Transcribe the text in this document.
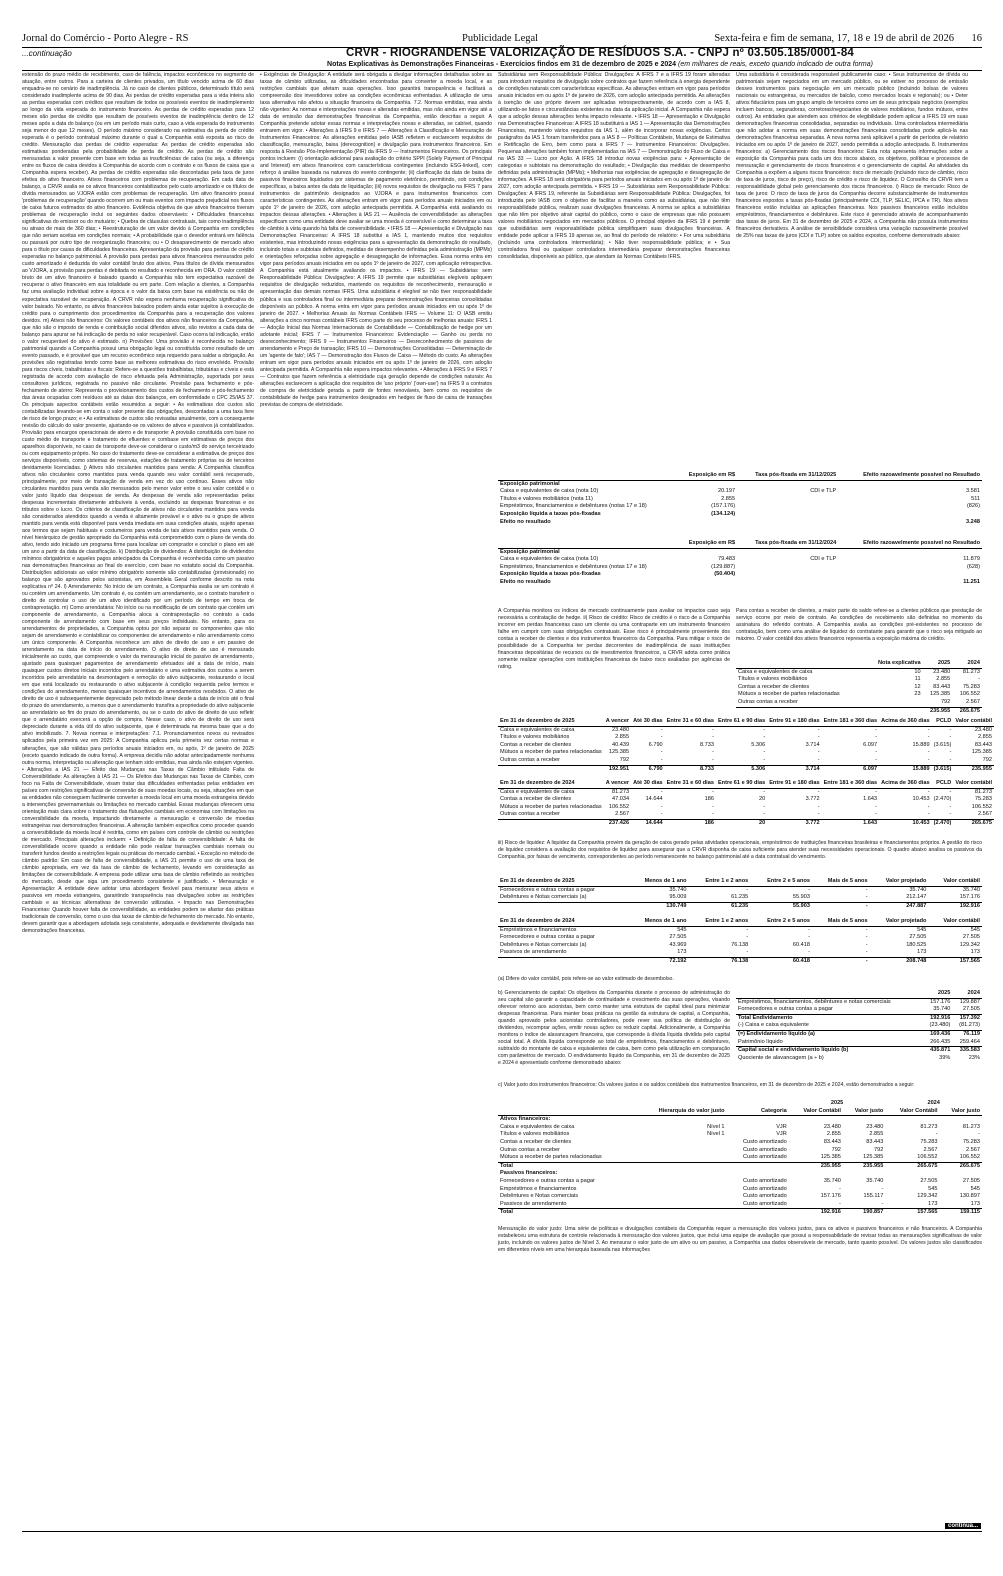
Jornal do Comércio - Porto Alegre - RS	Publicidade Legal	Sexta-feira e fim de semana, 17, 18 e 19 de abril de 2026 16
...continuação	CRVR - RIOGRANDENSE VALORIZAÇÃO DE RESÍDUOS S.A. - CNPJ nº 03.505.185/0001-84
Notas Explicativas às Demonstrações Financeiras - Exercícios findos em 31 de dezembro de 2025 e 2024 (em milhares de reais, exceto quando indicado de outra forma)

extensão do prazo médio de recebimento, caso de falência, impactos econômicos no segmento de atuação, entre outros. Para a carteira de clientes privados, um título vencido acima de 60 dias enquadra-se no cenário de inadimplência. Já no caso de clientes públicos, determinado título será considerado inadimplente acima de 90 dias. As perdas de crédito esperadas para a vida inteira são as perdas esperadas com créditos que resultam de todos os possíveis eventos de inadimplemento ao longo da vida esperada do instrumento financeiro. As perdas de crédito esperadas para 12 meses são perdas de crédito que resultam de possíveis eventos de inadimplência dentro de 12 meses após a data do balanço (ou em um período mais curto, caso a vida esperada do instrumento seja menor do que 12 meses). O período máximo considerado na estimativa da perda de crédito esperada é o período contratual máximo durante o qual a Companhia está exposta ao risco de crédito. Mensuração das perdas de crédito esperadas: As perdas de crédito esperadas são estimativas ponderadas pela probabilidade de perda de crédito. As perdas de crédito são mensuradas a valor presente com base em todas as insuficiências de caixa (ou seja, a diferença entre os fluxos de caixa devidos à Companhia de acordo com o contrato e os fluxos de caixa que a Companhia espera receber). As perdas de crédito esperadas são descontadas pela taxa de juros efetiva do ativo financeiro. Ativos financeiros com problemas de recuperação. Em cada data de balanço, a CRVR avalia se os ativos financeiros contabilizados pelo custo amortizado e os títulos de dívida mensurados ao VJORA estão com problemas de recuperação. Um ativo financeiro possui 'problemas de recuperação' quando ocorrem um ou mais eventos com impacto prejudicial nos fluxos de caixa futuros estimados do ativo financeiro. Evidência objetiva de que ativos financeiros tiveram problemas de recuperação inclui os seguintes dados observáveis: • Dificuldades financeiras significativas do emissor ou do mutuário; • Quebra de cláusulas contratuais, tais como inadimplência ou atraso de mais de 360 dias; • Reestruturação de um valor devido à Companhia em condições que não seriam aceitas em condições normais; • A probabilidade que o devedor entrará em falência ou passará por outro tipo de reorganização financeira; ou • O desaparecimento de mercado ativo para o título por causa de dificuldades financeiras. Apresentação da provisão para perdas de crédito esperadas no balanço patrimonial. A provisão para perdas para ativos financeiros mensurados pelo custo amortizado é deduzida do valor contábil bruto dos ativos. Para títulos de dívida mensurados ao VJORA, a provisão para perdas é debitada no resultado e reconhecida em ORA. O valor contábil bruto de um ativo financeiro é baixado quando a Companhia não tem expectativa razoável de recuperar o ativo financeiro em sua totalidade ou em parte. Com relação a clientes, a Companhia faz uma avaliação individual sobre a época e o valor da baixa com base na existência ou não de expectativa razoável de recuperação. A CRVR não espera nenhuma recuperação significativa do valor baixado. No entanto, os ativos financeiros baixados podem ainda estar sujeitos à execução de crédito para o cumprimento dos procedimentos da Companhia para a recuperação dos valores devidos. m) Ativos não financeiros: Os valores contábeis dos ativos não financeiros da Companhia, que não são o imposto de renda e contribuição social diferidos ativos, são revistos a cada data de balanço para apurar se há indicação de perda no valor recuperável. Caso ocorra tal indicação, então o valor recuperável do ativo é estimado. n) Provisões: Uma provisão é reconhecida no balanço patrimonial quando a Companhia possui uma obrigação legal ou constituída como resultado de um evento passado, e é provável que um recurso econômico seja requerido para saldar a obrigação. As provisões são registradas tendo como base as melhores estimativas do risco envolvido. Provisão para riscos cíveis, trabalhistas e fiscais: Refere-se a questões trabalhistas, tributárias e cíveis e está registrada de acordo com avaliação de risco efetuada pela Administração, suportada por seus consultores jurídicos, registrada no passivo não circulante. Provisão para fechamento e pós-fechamento de aterro: Representa o provisionamento dos custos de fechamento e pós-fechamento das áreas ocupadas com resíduos até as datas dos balanços, em conformidade o CPC 25/IAS 37. Os principais aspectos contábeis estão resumidos a seguir: • As estimativas dos custos são contabilizadas levando-se em conta o valor presente das obrigações, descontadas a uma taxa livre de risco de longo prazo; e • As estimativas de custos são revisadas anualmente, com a consequente revisão do cálculo do valor presente, ajustando-se os valores de ativos e passivos já contabilizados. Provisão para encargos operacionais de aterro e de transporte: A provisão constituída com base no custo médio de transporte e tratamento de efluentes e combase em estimativas de preços dos aparelhos disponíveis, no caso de transporte deve-se considerar o custo/m3 do serviço terceirizado ou com equipamento próprio. No caso do tratamento deve-se considerar a estimativa de preços dos serviços disponíveis, como sistemas de reservas, estações de tratamento próprias ou de terceiros devidamente licenciadas. j) Ativos não circulantes mantidos para venda: A Companhia classifica ativos não circulantes como mantidos para venda quando seu valor contábil será recuperado, principalmente, por meio de transação de venda em vez do uso contínuo. Esses ativos não circulantes mantidos para venda são mensurados pelo menor valor entre o seu valor contábil e o valor justo líquido das despesas de venda. As despesas de venda são representadas pelas despesas incrementais diretamente atribuíveis à venda, excluindo as despesas financeiras e os tributos sobre o lucro. Os critérios de classificação de ativos não circulantes mantidos para venda são considerados atendidos quando a venda é altamente provável e o ativo ou o grupo de ativos mantido para venda está disponível para venda imediata em suas condições atuais, sujeito apenas aos termos que sejam habituais e costumeiros para venda de tais ativos mantidos para venda. O nível hierárquico de gestão apropriado da Companhia está comprometido com o plano de venda do ativo, tendo sido iniciado um programa firme para localizar um comprador e concluir o plano em até um ano a partir da data de classificação. k) Distribuição de dividendos: A distribuição de dividendos mínimos obrigatórios e aqueles pagos antecipados da Companhia é reconhecida como um passivo nas demonstrações financeiras ao final do exercício, com base no estatuto social da Companhia. Distribuições adicionais ao valor mínimo obrigatório somente são contabilizadas (provisionado) no balanço que são aprovados pelos acionistas, em Assembleia Geral conforme descrito na nota explicativa nº 24. l) Arrendamento: No início de um contrato, a Companhia avalia se um contrato é ou contém um arrendamento. Um contrato é, ou contém um arrendamento, se o contrato transferir o direito de controlar o uso de um ativo identificado por um período de tempo em troca de contraprestação. m) Como arrendatária: No início ou na modificação de um contrato que contém um componente de arrendamento, a Companhia aloca a contraprestação no contrato a cada componente de arrendamento com base em seus preços individuais. No entanto, para os arrendamentos de propriedades, a Companhia optou por não separar os componentes que não sejam de arrendamento e contabilizar os componentes de arrendamento e não arrendamento como um único componente. A Companhia reconhece um ativo de direito de uso e um passivo de arrendamento na data de início do arrendamento. O ativo de direito de uso é mensurado inicialmente ao custo, que compreende o valor da mensuração inicial do passivo de arrendamento, ajustado para quaisquer pagamentos de arrendamento efetuados até a data de início, mais quaisquer custos diretos iniciais incorridos pelo arrendatário e uma estimativa dos custos a serem incorridos pelo arrendatário na desmontagem e remoção do ativo subjacente, restaurando o local em que está localizado ou restaurando o ativo subjacente à condição requerida pelos termos e condições do arrendamento, menos quaisquer incentivos de arrendamentos recebidos. O ativo de direito de uso é subsequentemente depreciado pelo método linear desde a data de início até o final do prazo do arrendamento, a menos que o arrendamento transfira a propriedade do ativo subjacente ao arrendatário ao fim do prazo do arrendamento, ou se o custo do ativo de direito de uso refletir que o arrendatário exercerá a opção de compra. Nesse caso, o ativo de direito de uso será depreciado durante a vida útil do ativo subjacente, que é determinada na mesma base que a do ativo imobilizado. 7. Novas normas e interpretações: 7.1. Pronunciamentos novos ou revisados aplicados pela primeira vez em 2025: A Companhia aplicou pela primeira vez certas normas e alterações, que são válidas para períodos anuais iniciados em, ou após, 1º de janeiro de 2025 (exceto quando indicado de outra forma). A empresa decidiu não adotar antecipadamente nenhuma outra norma, interpretação ou alteração que tenham sido emitidas, mas ainda não estejam vigentes. • Alterações a IAS 21 — Efeito das Mudanças nas Taxas de Câmbio intitulado Falta de Conversibilidade: As alterações à IAS 21 — Os Efeitos das Mudanças nas Taxas de Câmbio, com foco na Falta de Conversibilidade, visam tratar das dificuldades enfrentadas pelas entidades em países com restrições significativas de conversão de suas moedas locais, ou seja, situações em que as entidades não conseguem facilmente converter a moeda local em uma moeda estrangeira devido a intervenções governamentais ou limitações no mercado cambial. Essas mudanças oferecem uma orientação mais clara sobre o tratamento das flutuações cambiais em economias com limitações na conversibilidade da moeda, impactando diretamente a mensuração e conversão de moedas estrangeiras nas demonstrações financeiras. A alteração também especifica como proceder quando a conversibilidade da moeda local é restrita, como em países com controle de câmbio ou restrições de mercado. Principais alterações incluem: • Definição de falta de conversibilidade: A falta de conversibilidade ocorre quando a entidade não pode realizar transações cambiais normais ou transferir fundos devido a restrições legais ou práticas do mercado cambial. • Exceção no método de câmbio padrão: Em caso de falta de conversibilidade, a IAS 21 permite o uso de uma taxa de câmbio apropriada, em vez da taxa de câmbio de fechamento, levando em consideração as limitações de conversibilidade. A empresa pode utilizar uma taxa de câmbio refletindo as restrições do mercado, desde que siga um procedimento consistente e justificado. • Mensuração e Apresentação: A entidade deve adotar uma abordagem flexível para mensurar seus ativos e passivos em moeda estrangeira, garantindo transparência nas divulgações sobre as restrições cambiais e as técnicas alternativas de conversão utilizadas. • Impacto nas Demonstrações Financeiras: Quando houver falta de conversibilidade, as entidades podem se afastar das práticas tradicionais de conversão, como o uso das taxas de câmbio de fechamento do mercado. No entanto, devem garantir que a abordagem adotada seja consistente, adequada e devidamente divulgada nas demonstrações financeiras.

• Exigências de Divulgação: A entidade será obrigada a divulgar informações detalhadas sobre as taxas de câmbio utilizadas, as dificuldades encontradas para converter a moeda local, e as restrições cambiais que afetam suas operações. Isso garantirá transparência e facilitará a compreensão dos investidores sobre as condições econômicas enfrentadas. A utilização de uma taxa alternativa não afetou a situação financeira da Companhia. 7.2. Normas emitidas, mas ainda não vigentes: As normas e interpretações novas e alteradas emitidas, mas não ainda em vigor até a data de emissão das demonstrações financeiras da Companhia, estão descritas a seguir. A Companhia pretende adotar essas normas e interpretações novas e alteradas, se cabível, quando entrarem em vigor. • Alterações à IFRS 9 e IFRS 7 — Alterações à Classificação e Mensuração de Instrumentos Financeiros: As alterações emitidas pelo IASB refletem e esclarecem requisitos de classificação, mensuração, baixa (derecognition) e divulgação para instrumentos financeiros. Em resposta à Revisão Pós-Implementação (PIR) da IFRS 9 — Instrumentos Financeiros. Os principais pontos incluem: (i) orientação adicional para avaliação do critério SPPI (Solely Payment of Principal and Interest) em ativos financeiros com características contingentes (incluindo ESG-linked), com reforço à análise baseada na natureza do evento contingente; (ii) clarificação da data de baixa de passivos financeiros liquidados por sistemas de pagamento eletrônico, permitindo, sob condições específicas, a baixa antes da data de liquidação; (iii) novos requisitos de divulgação na IFRS 7 para instrumentos de patrimônio designados ao VJORA e para instrumentos financeiros com características contingentes. As alterações entram em vigor para períodos anuais iniciados em ou após 1º de janeiro de 2026, com adoção antecipada permitida. A Companhia está avaliando os impactos dessas alterações. • Alterações à IAS 21 — Ausência de conversibilidade: as alterações especificam como uma entidade deve avaliar se uma moeda é conversível e como determinar a taxa de câmbio à vista quando há falta de conversibilidade. • IFRS 18 — Apresentação e Divulgação nas Demonstrações Financeiras: A IFRS 18 substitui a IAS 1, mantendo muitos dos requisitos existentes, mas introduzindo novas exigências para a apresentação da demonstração do resultado, incluindo totais e subtotais definidos, medidas de desempenho definidas pela administração (MPMs) e orientações reforçadas sobre agregação e desagregação de informações. Essa norma entra em vigor para períodos anuais iniciados em ou após 1º de janeiro de 2027, com aplicação retrospectiva. A Companhia está atualmente avaliando os impactos. • IFRS 19 — Subsidiárias sem Responsabilidade Pública: Divulgações: A IFRS 19 permite que subsidiárias elegíveis apliquem requisitos de divulgação reduzidos, mantendo os requisitos de reconhecimento, mensuração e apresentação das demais normas IFRS. Uma subsidiária é elegível se não tiver responsabilidade pública e sua controladora final ou intermediária preparar demonstrações financeiras consolidadas disponíveis ao público. A norma entra em vigor para períodos anuais iniciados em ou após 1º de janeiro de 2027. • Melhorias Anuais às Normas Contábeis IFRS — Volume 11: O IASB emitiu alterações a cinco normas contábeis IFRS como parte do seu processo de melhorias anuais: IFRS 1 — Adoção Inicial das Normas Internacionais de Contabilidade — Contabilização de hedge por um adotante inicial; IFRS 7 — Instrumentos Financeiros: Evidenciação — Ganho ou perda no desreconhecimento; IFRS 9 — Instrumentos Financeiros — Desreconhecimento de passivos de arrendamento e Preço de transação; IFRS 10 — Demonstrações Consolidadas — Determinação de um 'agente de fato'; IAS 7 — Demonstração dos Fluxos de Caixa — Método do custo. As alterações entram em vigor para períodos anuais iniciados em ou após 1º de janeiro de 2026, com adoção antecipada permitida. A Companhia não espera impactos relevantes. • Alterações à IFRS 9 e IFRS 7 — Contratos que fazem referência a eletricidade cuja geração depende de condições naturais: As alterações esclarecem a aplicação dos requisitos de 'uso próprio' ('own-use') na IFRS 9 a contratos de compra de eletricidade gerada a partir de fontes renováveis, bem como os requisitos de contabilidade de hedge para instrumentos designados em hedges de fluxo de caixa de transações previstas de compra de eletricidade.

Subsidiárias sem Responsabilidade Pública: Divulgações: A IFRS 7 e a IFRS 19 foram alteradas para introduzir requisitos de divulgação sobre contratos que fazem referência à energia dependente de condições naturais com características específicas. As alterações entram em vigor para períodos anuais iniciados em ou após 1º de janeiro de 2026, com adoção antecipada permitida. As alterações à isenção de uso próprio devem ser aplicadas retrospectivamente, de acordo com a IAS 8, utilizando-se fatos e circunstâncias existentes na data da aplicação inicial. A Companhia não espera que a adoção dessas alterações tenha impacto relevante. • IFRS 18 — Apresentação e Divulgação nas Demonstrações Financeiras: A IFRS 18 substituirá a IAS 1 — Apresentação das Demonstrações Financeiras, mantendo vários requisitos da IAS 1, além de incorporar novas exigências. Certos parágrafos da IAS 1 foram transferidos para a IAS 8 — Políticas Contábeis, Mudança de Estimativa e Retificação de Erro, bem como para a IFRS 7 — Instrumentos Financeiros: Divulgações. Pequenas alterações também foram implementadas na IAS 7 — Demonstração do Fluxo de Caixa e na IAS 33 — Lucro por Ação. A IFRS 18 introduz novas exigências para: • Apresentação de categorias e subtotais na demonstração do resultado; • Divulgação das medidas de desempenho definidas pela administração (MPMs); • Melhorias nas exigências de agregação e desagregação de informações. A IFRS 18 será obrigatória para períodos anuais iniciados em ou após 1º de janeiro de 2027, com adoção antecipada permitida. • IFRS 19 — Subsidiárias sem Responsabilidade Pública: Divulgações: A IFRS 19, referente às Subsidiárias sem Responsabilidade Pública: Divulgações, foi introduzida pelo IASB com o objetivo de facilitar a maneira como as subsidiárias, que não têm responsabilidade pública, realizam suas divulgações financeiras. A norma se aplica a subsidiárias que não têm por objetivo atrair capital do público, como o caso de empresas que não possuem valores mobiliários negociados em mercados públicos. O principal objetivo da IFRS 19 é permitir que subsidiárias sem responsabilidade pública simplifiquem suas divulgações financeiras. A entidade pode aplicar a IFRS 19 apenas se, ao final do período de relatório: • For uma subsidiária (incluindo uma controladora intermediária); • Não tiver responsabilidade pública; e • Sua controladora final ou qualquer controladora intermediária preparar demonstrações financeiras consolidadas, disponíveis ao público, que atendam às Normas Contábeis IFRS.

Uma subsidiária é considerada responsável publicamente caso: • Seus instrumentos de dívida ou patrimoniais sejam negociados em um mercado público, ou se estiver no processo de emissão desses instrumentos para negociação em um mercado público (incluindo bolsas de valores nacionais ou estrangeiras, ou mercados de balcão, como mercados locais e regionais); ou • Deter ativos fiduciários para um grupo amplo de terceiros como um de seus principais negócios (exemplos incluem bancos, seguradoras, corretoras/negociantes de valores mobiliários, fundos mútuos, entre outros). As entidades que atendem aos critérios de elegibilidade podem aplicar a IFRS 19 em suas demonstrações financeiras consolidadas, separadas ou individuais. Uma controladora intermediária que não adotar a norma em suas demonstrações financeiras consolidadas pode aplicá-la nas demonstrações financeiras separadas. A nova norma será aplicável a partir de períodos de relatório iniciados em ou após 1º de janeiro de 2027, sendo permitida a adoção antecipada. 8. Instrumentos financeiros: a) Gerenciamento dos riscos financeiros: Esta nota apresenta informações sobre a exposição da Companhia para cada um dos riscos abaixo, os objetivos, políticas e processos de mensuração e gerenciamento de riscos financeiros e o gerenciamento de capital. As atividades da Companhia a expõem a alguns riscos financeiros: risco de mercado (incluindo risco de câmbio, risco de taxa de juros, risco de preço), risco de crédito e risco de liquidez. O Conselho da CRVR tem a responsabilidade global pelo gerenciamento dos riscos financeiros. i) Risco de mercado: Risco de taxa de juros: O risco de taxa de juros da Companhia decorre substancialmente de instrumentos financeiros expostos a taxas pós-fixadas (principalmente CDI, TLP, SELIC, IPCA e TR). Nos ativos financeiros estão incluídas as aplicações financeiras. Nos passivos financeiros estão incluídos empréstimos, financiamentos e debêntures. Este risco é gerenciado através de acompanhamento das taxas de juros. Em 31 de dezembro de 2025 e 2024, a Companhia não possuía instrumentos financeiros derivativos. A análise de sensibilidade considera uma variação razoavelmente possível de 25% nas taxas de juros (CDI e TLP) sobre os saldos expostos, conforme demonstrado abaixo:

	Exposição em R$	Taxa pós-fixada em 31/12/2025	Efeito razoavelmente possível no Resultado
Exposição patrimonial			
Caixa e equivalentes de caixa (nota 10)	20.197	CDI e TLP	3.581
Títulos e valores mobiliários (nota 11)	2.855		511
Empréstimos, financiamentos e debêntures (notas 17 e 18)	(157.176)		(826)
Exposição líquida a taxas pós-fixadas	(134.124)		
Efeito no resultado			3.248
	Exposição em R$	Taxa pós-fixada em 31/12/2024	Efeito razoavelmente possível no Resultado
Exposição patrimonial			
Caixa e equivalentes de caixa (nota 10)	79.483	CDI e TLP	11.879
Empréstimos, financiamentos e debêntures (notas 17 e 18)	(129.887)		(628)
Exposição líquida a taxas pós-fixadas	(50.404)		
Efeito no resultado			11.251
A Companhia monitora os índices de mercado continuamente para avaliar os impactos caso seja necessária a contratação de hedge. ii) Risco de crédito: Risco de crédito é o risco de a Companhia incorrer em perdas financeiras caso um cliente ou uma contraparte em um instrumento financeiro falhe em cumprir com suas obrigações contratuais. Esse risco é principalmente proveniente dos contas a receber de clientes e dos instrumentos financeiros da Companhia. Para mitigar o risco de possibilidade de a Companhia ter perdas decorrentes de inadimplência de suas instituições financeiras depositárias de recursos ou de investimentos financeiros, a CRVR adota como prática somente realizar operações com instituições financeiras de baixo risco avaliadas por agências de rating.
Para contas a receber de clientes, a maior parte do saldo refere-se a clientes públicos que prestação de serviço ocorre por meio de contrato. As condições de recebimento são definidas no momento da assinatura do referido contrato. A Companhia avalia as condições pré-existentes no processo de contratação, bem como uma análise de liquidez do contratante para garantir que o risco seja mitigado ao máximo. O valor contábil dos ativos financeiros representa a exposição máxima do crédito.
	Nota explicativa	2025	2024
Caixa e equivalentes de caixa	10	23.480	81.273
Títulos e valores mobiliários	11	2.855	-
Contas a receber de clientes	12	83.443	75.283
Mútuos a receber de partes relacionadas	23	125.385	106.552
Outras contas a receber		792	2.567
		235.955	265.675
Em 31 de dezembro de 2025	A vencer	Até 30 dias	Entre 31 e 60 dias	Entre 61 e 90 dias	Entre 91 e 180 dias	Entre 181 e 360 dias	Acima de 360 dias	PCLD	Valor contábil
Caixa e equivalentes de caixa	23.480	-	-	-	-	-	-	-	23.480
Títulos e valores mobiliários	2.855	-	-	-	-	-	-	-	2.855
Contas a receber de clientes	40.439	6.790	8.733	5.306	3.714	6.097	15.889	(3.615)	83.443
Mútuos a receber de partes relacionadas	125.385	-	-	-	-	-	-	-	125.385
Outras contas a receber	792	-	-	-	-	-	-	-	792
	192.951	6.790	8.733	5.306	3.714	6.097	15.889	(3.615)	235.955
Em 31 de dezembro de 2024	A vencer	Até 30 dias	Entre 31 e 60 dias	Entre 61 e 90 dias	Entre 91 e 180 dias	Entre 181 e 360 dias	Acima de 360 dias	PCLD	Valor contábil
Caixa e equivalentes de caixa	81.273	-	-	-	-	-	-	-	81.273
Contas a receber de clientes	47.034	14.644	186	20	3.772	1.643	10.453	(2.470)	75.283
Mútuos a receber de partes relacionadas	106.552	-	-	-	-	-	-	-	106.552
Outras contas a receber	2.567	-	-	-	-	-	-	-	2.567
	237.426	14.644	186	20	3.772	1.643	10.453	(2.470)	265.675
iii) Risco de liquidez: A liquidez da Companhia provém da geração de caixa gerado pelas atividades operacionais, empréstimos de instituições financeiras brasileiras e financiamentos próprios. A gestão do risco de liquidez considera a avaliação dos requisitos de liquidez para assegurar que a CRVR disponha de caixa suficiente para atender suas necessidades operacionais. O quadro abaixo analisa os passivos da Companhia, por faixas de vencimento, correspondentes ao período remanescente no balanço patrimonial até a data contratual do vencimento.
Em 31 de dezembro de 2025	Menos de 1 ano	Entre 1 e 2 anos	Entre 2 e 5 anos	Mais de 5 anos	Valor projetado	Valor contábil
Fornecedores e outras contas a pagar	35.740	-	-	-	35.740	35.740
Debêntures e Notas comerciais (a)	95.009	61.235	55.903	-	212.147	157.176
	130.749	61.235	55.903	-	247.887	192.916
Em 31 de dezembro de 2024	Menos de 1 ano	Entre 1 e 2 anos	Entre 2 e 5 anos	Mais de 5 anos	Valor projetado	Valor contábil
Empréstimos e financiamentos	545	-	-	-	545	545
Fornecedores e outras contas a pagar	27.505	-	-	-	27.505	27.505
Debêntures e Notas comerciais (a)	43.969	76.138	60.418	-	180.525	129.342
Passivos de arrendamento	173	-	-	-	173	173
	72.192	76.138	60.418	-	208.748	157.565
(a) Difere do valor contábil, pois refere-se ao valor estimado de desembolso.
b) Gerenciamento de capital: Os objetivos da Companhia durante o processo de administração do seu capital são garantir a capacidade de continuidade e crescimento das suas operações, visando oferecer retorno aos acionistas, bem como manter uma estrutura de capital ideal para minimizar despesas financeiras. Para manter boas práticas na gestão da estrutura de capital, a Companhia, quando aprovado pelos acionistas controladores, pode rever sua política de distribuição de dividendos, recomprar ações, emitir novas ações ou reduzir capital. Adicionalmente, a Companhia monitora o índice de alavancagem financeira, que corresponde à dívida líquida dividida pelo capital social total. A dívida líquida corresponde ao total de empréstimos, financiamentos e debêntures, subtraído do montante de caixa e equivalentes de caixa, bem como pela utilização em comparação com parâmetros de mercado. O endividamento líquido da Companhia, em 31 de dezembro de 2025 e 2024 é apresentado conforme demonstrado abaixo:
	2025	2024
Empréstimos, financiamentos, debêntures e notas comerciais	157.176	129.887
Fornecedores e outras contas a pagar	35.740	27.505
Total Endividamento	192.916	157.392
(-) Caixa e caixa equivalente	(23.480)	(81.273)
(=) Endividamento líquido (a)	169.436	76.119
Patrimônio líquido	266.435	259.464
Capital social e endividamento líquido (b)	435.871	335.583
Quociente de alavancagem (a ÷ b)	39%	23%
c) Valor justo dos instrumentos financeiros: Os valores justos e os saldos contábeis dos instrumentos financeiros, em 31 de dezembro de 2025 e 2024, estão demonstrados a seguir:
			2025		2024	
	Hierarquia do valor justo	Categoria	Valor Contábil	Valor justo	Valor Contábil	Valor justo
Ativos financeiros:						
Caixa e equivalentes de caixa	Nível 1	VJR	23.480	23.480	81.273	81.273
Títulos e valores mobiliários	Nível 1	VJR	2.855	2.855	-	-
Contas a receber de clientes		Custo amortizado	83.443	83.443	75.283	75.283
Outras contas a receber		Custo amortizado	792	792	2.567	2.567
Mútuos a receber de partes relacionadas		Custo amortizado	125.385	125.385	106.552	106.552
Total			235.955	235.955	265.675	265.675
Passivos financeiros:						
Fornecedores e outras contas a pagar		Custo amortizado	35.740	35.740	27.505	27.505
Empréstimos e financiamentos		Custo amortizado	-	-	545	545
Debêntures e Notas comerciais		Custo amortizado	157.176	155.117	129.342	130.897
Passivos de arrendamento		Custo amortizado	-	-	173	173
Total			192.916	190.857	157.565	159.115
Mensuração do valor justo: Uma série de políticas e divulgações contábeis da Companhia requer a mensuração dos valores justos, para os ativos e passivos financeiros e não financeiros. A Companhia estabeleceu uma estrutura de controle relacionada à mensuração dos valores justos, que inclui uma equipe de avaliação que possui a responsabilidade de revisar todas as mensurações significativas de valor justo, incluindo os valores justos de Nível 3. Ao mensurar o valor justo de um ativo ou um passivo, a Companhia usa dados observáveis de mercado, tanto quanto possível. Os valores justos são classificados em diferentes níveis em uma hierarquia baseada nas informações
continua...
